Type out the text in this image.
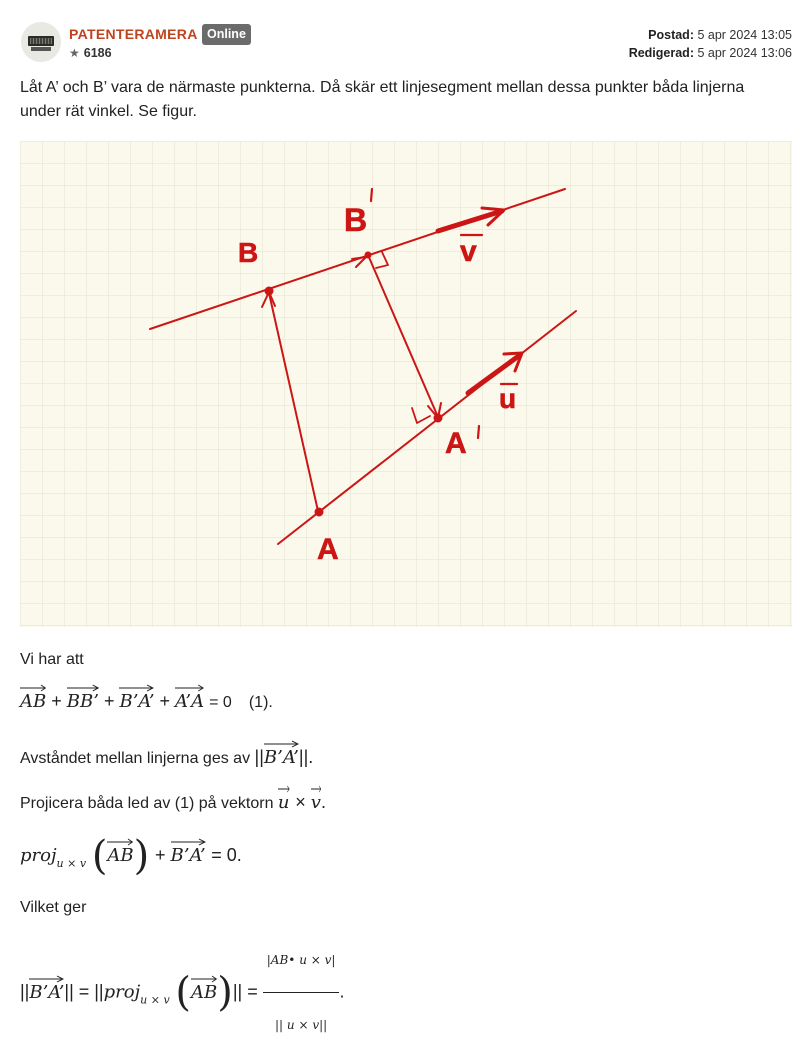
PATENTERAMERA Online
★ 6186
Postad: 5 apr 2024 13:05
Redigerad: 5 apr 2024 13:06
Låt A’ och B’ vara de närmaste punkterna. Då skär ett linjesegment mellan dessa punkter båda linjerna under rät vinkel. Se figur.
B
B
A
A
v
u
Vi har att
AB +
BB’ +
B’A’ +
A’A = 0 (1).
Avståndet mellan linjerna ges av ||
B’A’||.
Projicera båda led av (1) på vektorn u ×
v.
proj$_{u \times v}$ (
AB) +
B’A’ = 0.
Vilket ger
||
B’A’|| = ||proj$_{u \times v}$ (
$AB)|| = \frac{|AB• u \times v|}{|| u \times v||}$ .
